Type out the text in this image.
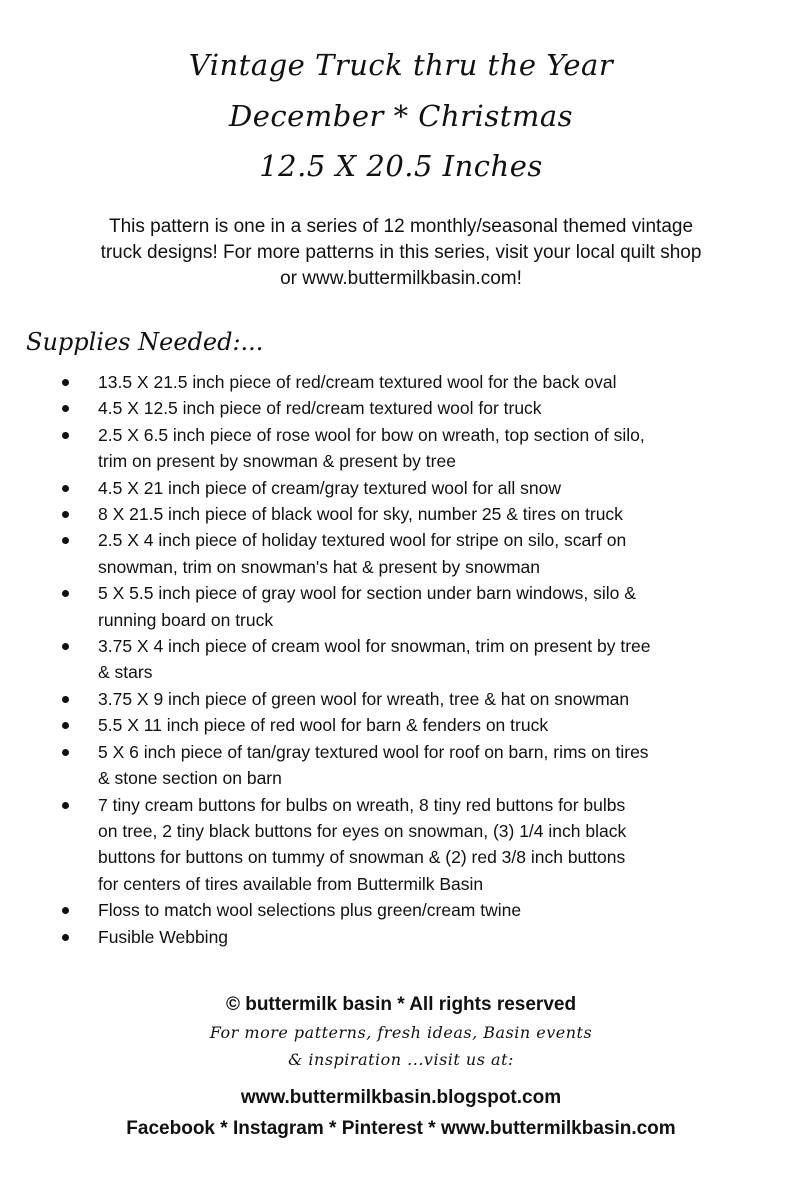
Vintage Truck thru the Year
December * Christmas
12.5 X 20.5 Inches
This pattern is one in a series of 12 monthly/seasonal themed vintage
truck designs! For more patterns in this series, visit your local quilt shop
or www.buttermilkbasin.com!
Supplies Needed:...
13.5 X 21.5 inch piece of red/cream textured wool for the back oval
4.5 X 12.5 inch piece of red/cream textured wool for truck
2.5 X 6.5 inch piece of rose wool for bow on wreath, top section of silo,
trim on present by snowman & present by tree
4.5 X 21 inch piece of cream/gray textured wool for all snow
8 X 21.5 inch piece of black wool for sky, number 25 & tires on truck
2.5 X 4 inch piece of holiday textured wool for stripe on silo, scarf on
snowman, trim on snowman's hat & present by snowman
5 X 5.5 inch piece of gray wool for section under barn windows, silo &
running board on truck
3.75 X 4 inch piece of cream wool for snowman, trim on present by tree
& stars
3.75 X 9 inch piece of green wool for wreath, tree & hat on snowman
5.5 X 11 inch piece of red wool for barn & fenders on truck
5 X 6 inch piece of tan/gray textured wool for roof on barn, rims on tires
& stone section on barn
7 tiny cream buttons for bulbs on wreath, 8 tiny red buttons for bulbs
on tree, 2 tiny black buttons for eyes on snowman, (3) 1/4 inch black
buttons for buttons on tummy of snowman & (2) red 3/8 inch buttons
for centers of tires available from Buttermilk Basin
Floss to match wool selections plus green/cream twine
Fusible Webbing
© buttermilk basin * All rights reserved
For more patterns, fresh ideas, Basin events
& inspiration ...visit us at:
www.buttermilkbasin.blogspot.com
Facebook * Instagram * Pinterest * www.buttermilkbasin.com
